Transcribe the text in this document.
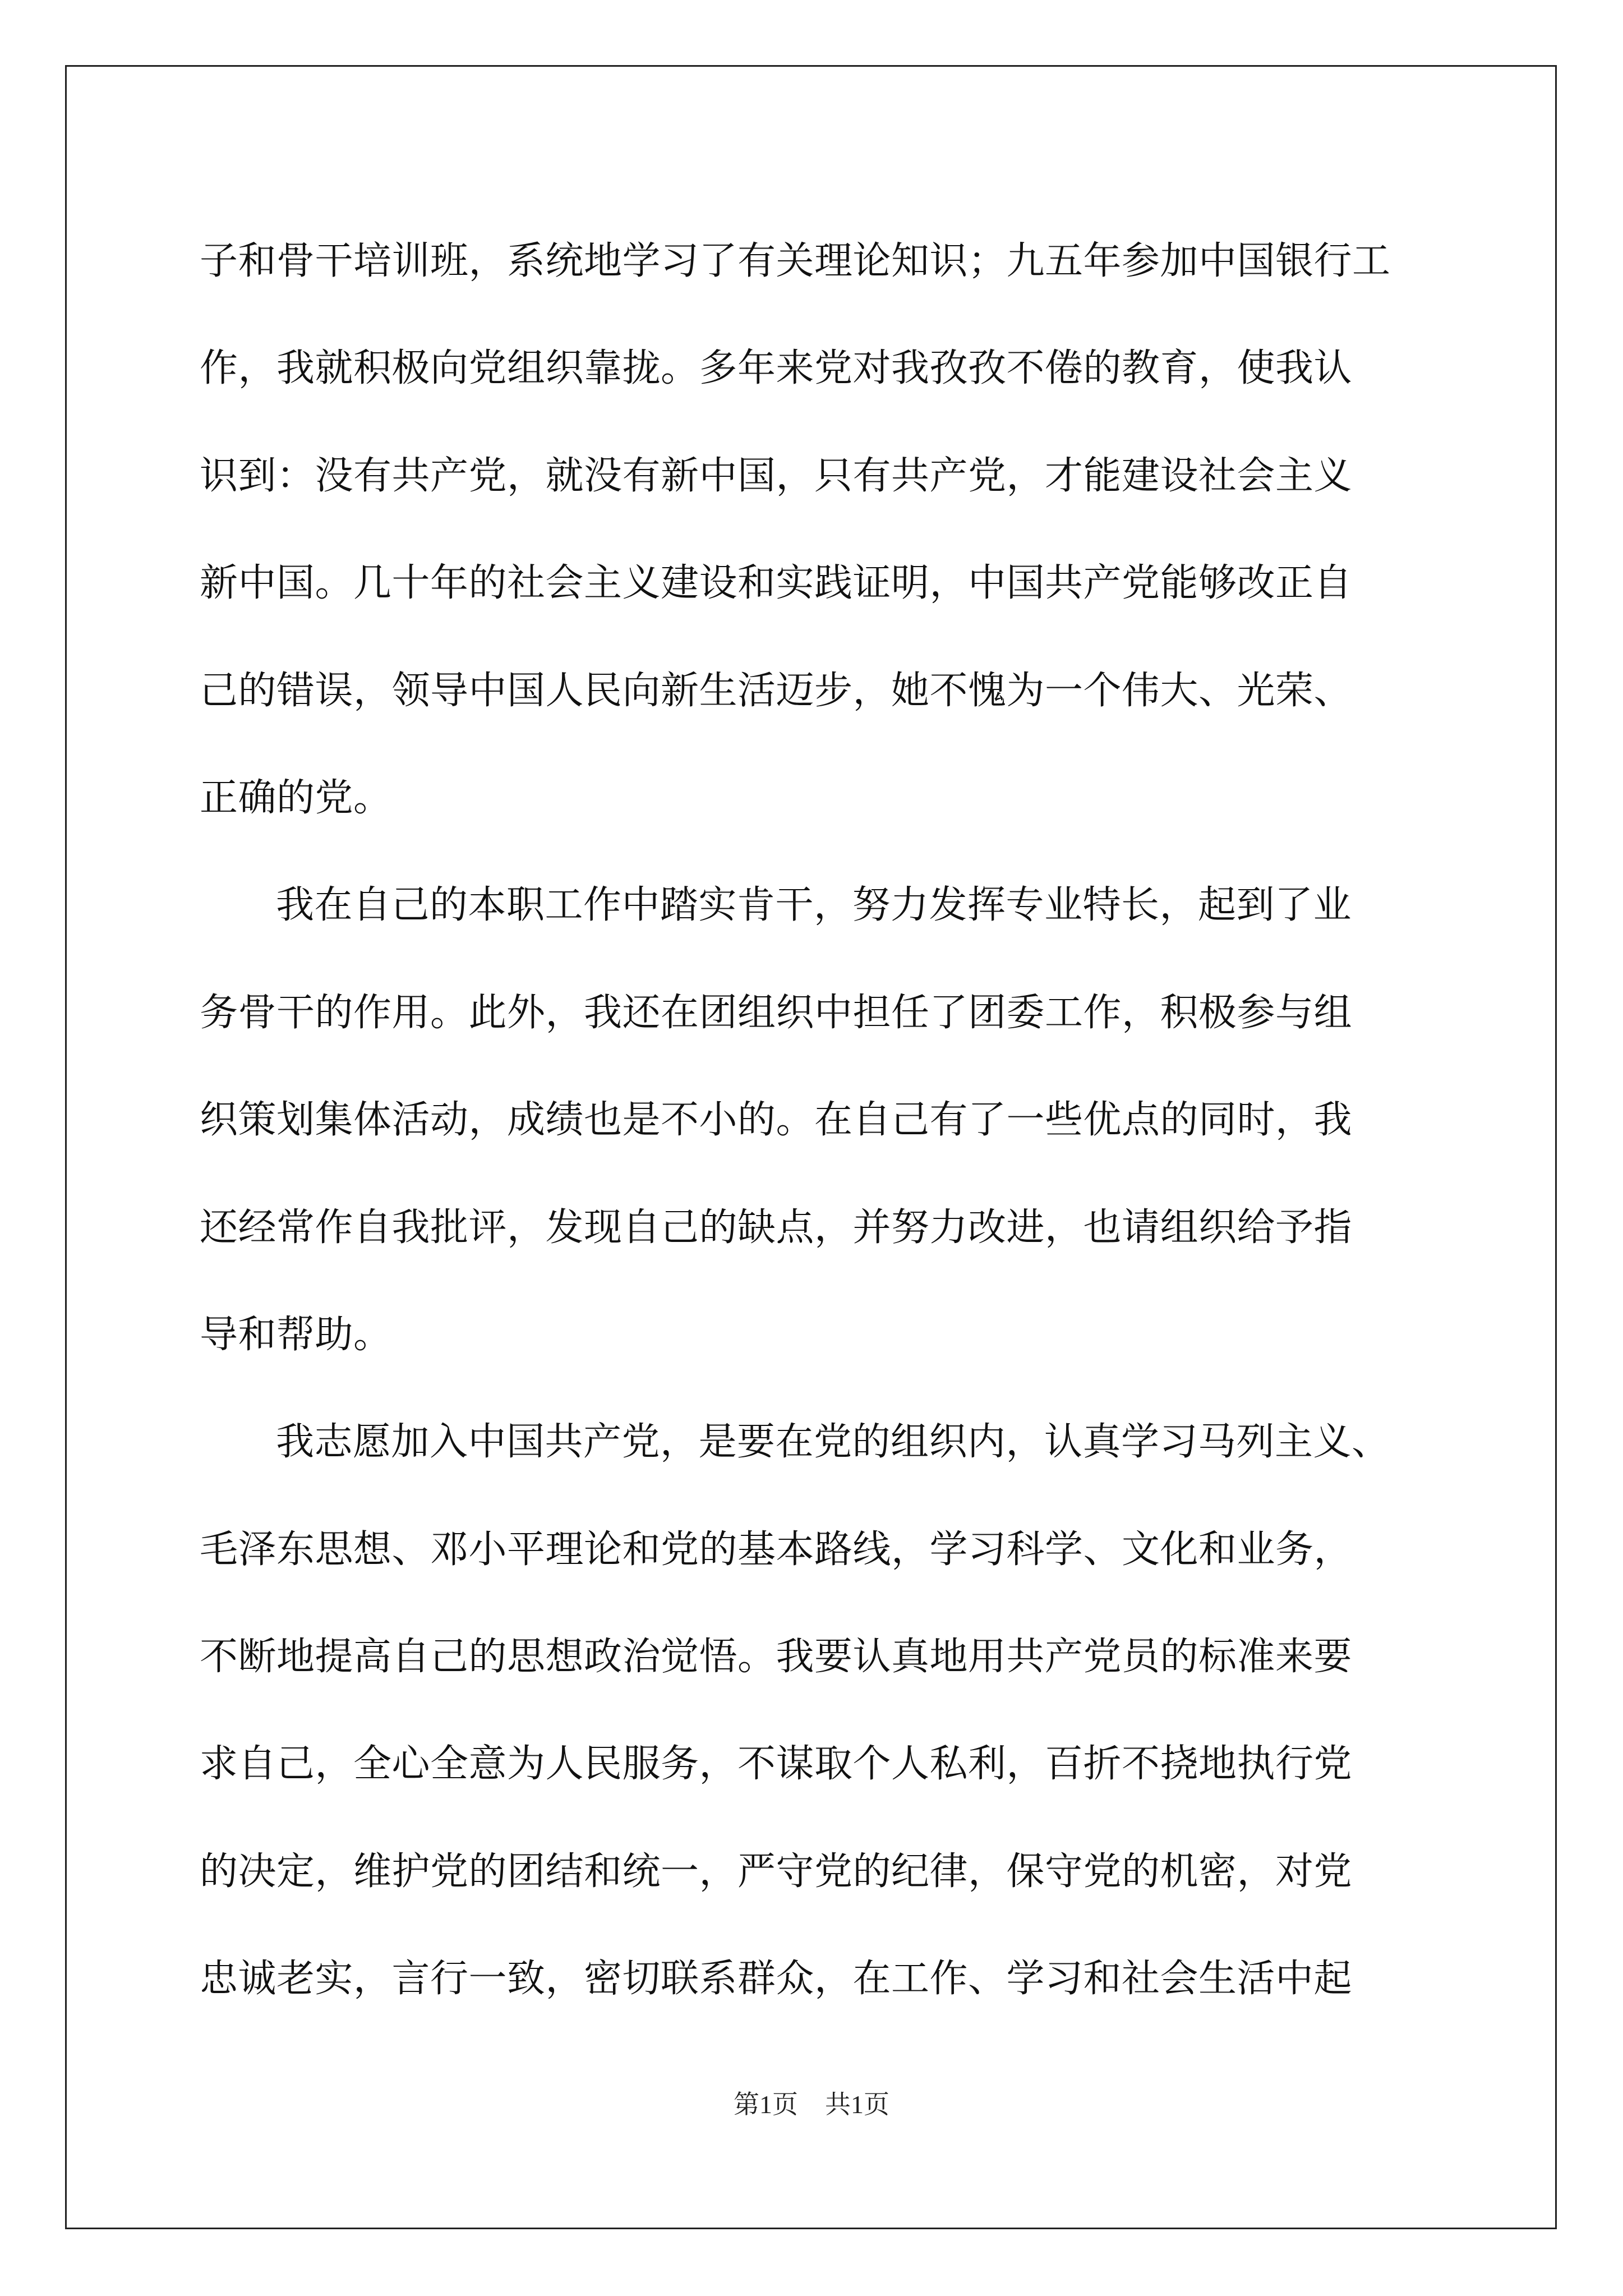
子和骨干培训班，系统地学习了有关理论知识；九五年参加中国银行工
作，我就积极向党组织靠拢。多年来党对我孜孜不倦的教育，使我认
识到：没有共产党，就没有新中国，只有共产党，才能建设社会主义
新中国。几十年的社会主义建设和实践证明，中国共产党能够改正自
己的错误，领导中国人民向新生活迈步，她不愧为一个伟大、光荣、
正确的党。
我在自己的本职工作中踏实肯干，努力发挥专业特长，起到了业
务骨干的作用。此外，我还在团组织中担任了团委工作，积极参与组
织策划集体活动，成绩也是不小的。在自己有了一些优点的同时，我
还经常作自我批评，发现自己的缺点，并努力改进，也请组织给予指
导和帮助。
我志愿加入中国共产党，是要在党的组织内，认真学习马列主义、
毛泽东思想、邓小平理论和党的基本路线，学习科学、文化和业务，
不断地提高自己的思想政治觉悟。我要认真地用共产党员的标准来要
求自己，全心全意为人民服务，不谋取个人私利，百折不挠地执行党
的决定，维护党的团结和统一，严守党的纪律，保守党的机密，对党
忠诚老实，言行一致，密切联系群众，在工作、学习和社会生活中起
第1页 共1页
